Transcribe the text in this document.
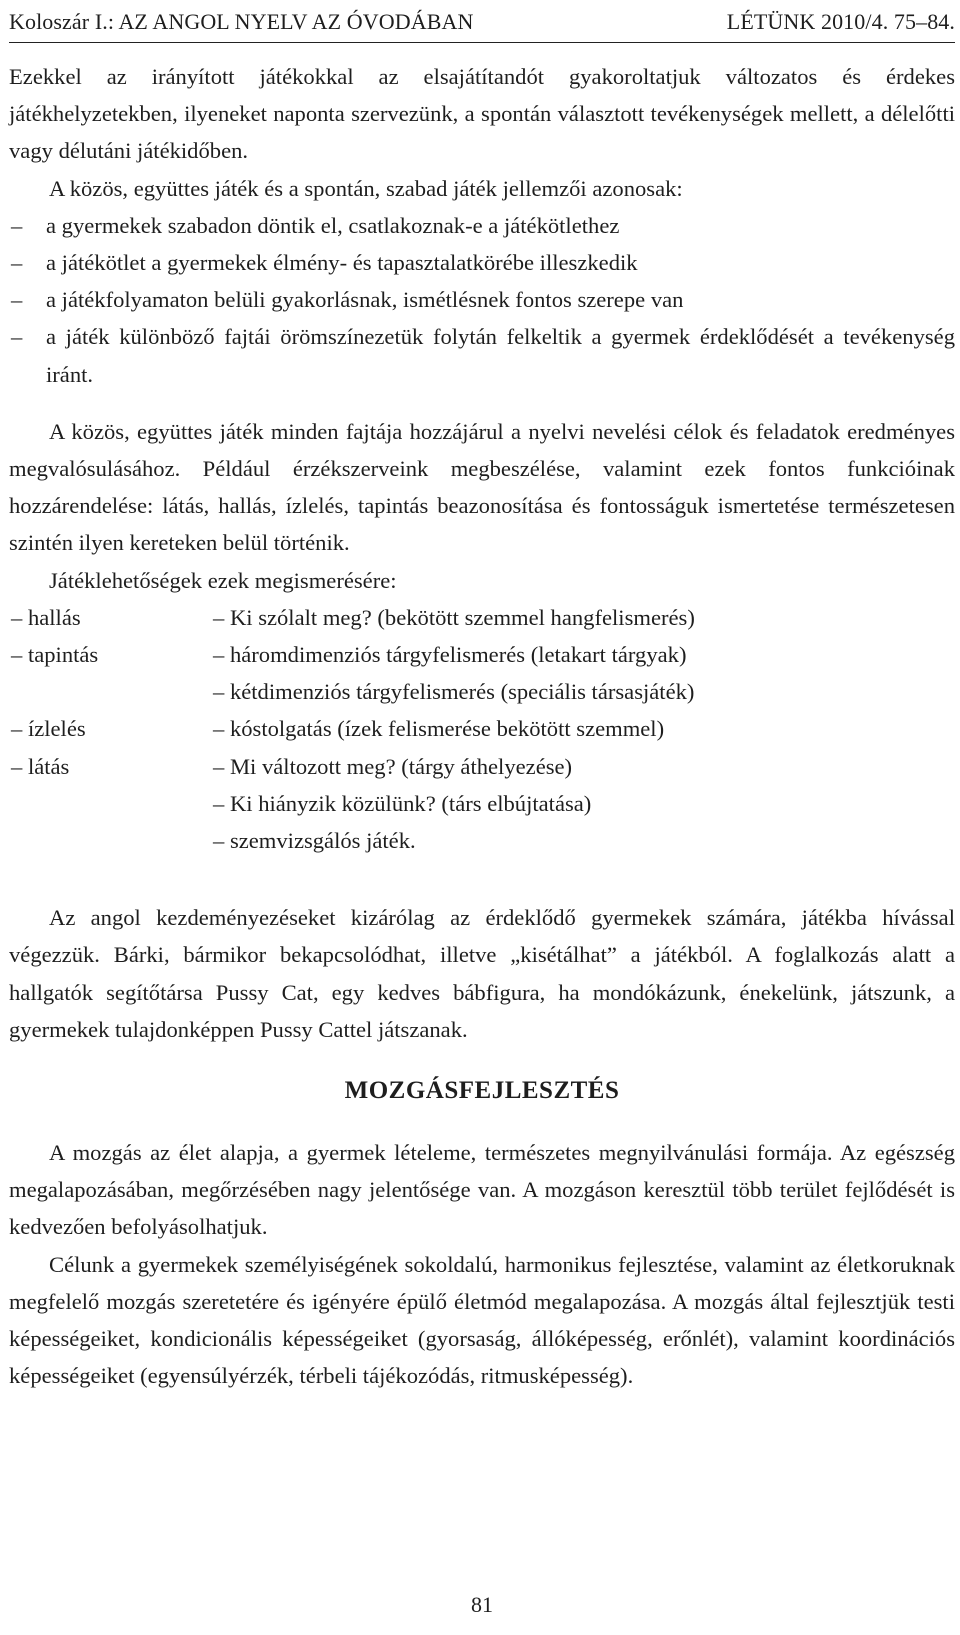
Koloszár I.: AZ ANGOL NYELV AZ ÓVODÁBAN	LÉTÜNK 2010/4. 75–84.

Ezekkel az irányított játékokkal az elsajátítandót gyakoroltatjuk változatos és érdekes játékhelyzetekben, ilyeneket naponta szervezünk, a spontán választott tevékenységek mellett, a délelőtti vagy délutáni játékidőben.

A közös, együttes játék és a spontán, szabad játék jellemzői azonosak:

– a gyermekek szabadon döntik el, csatlakoznak-e a játékötlethez

– a játékötlet a gyermekek élmény- és tapasztalatkörébe illeszkedik

– a játékfolyamaton belüli gyakorlásnak, ismétlésnek fontos szerepe van

– a játék különböző fajtái örömszínezetük folytán felkeltik a gyermek érdeklődését a tevékenység iránt.

A közös, együttes játék minden fajtája hozzájárul a nyelvi nevelési célok és feladatok eredményes megvalósulásához. Például érzékszerveink megbeszélése, valamint ezek fontos funkcióinak hozzárendelése: látás, hallás, ízlelés, tapintás beazonosítása és fontosságuk ismertetése természetesen szintén ilyen kereteken belül történik.

Játéklehetőségek ezek megismerésére:

– hallás	– Ki szólalt meg? (bekötött szemmel hangfelismerés)
– tapintás	– háromdimenziós tárgyfelismerés (letakart tárgyak)
– kétdimenziós tárgyfelismerés (speciális társasjáték)
– ízlelés	– kóstolgatás (ízek felismerése bekötött szemmel)
– látás	– Mi változott meg? (tárgy áthelyezése)
– Ki hiányzik közülünk? (társ elbújtatása)
– szemvizsgálós játék.

Az angol kezdeményezéseket kizárólag az érdeklődő gyermekek számára, játékba hívással végezzük. Bárki, bármikor bekapcsolódhat, illetve „kisétálhat” a játékból. A foglalkozás alatt a hallgatók segítőtársa Pussy Cat, egy kedves bábfigura, ha mondókázunk, énekelünk, játszunk, a gyermekek tulajdonképpen Pussy Cattel játszanak.

MOZGÁSFEJLESZTÉS

A mozgás az élet alapja, a gyermek lételeme, természetes megnyilvánulási formája. Az egészség megalapozásában, megőrzésében nagy jelentősége van. A mozgáson keresztül több terület fejlődését is kedvezően befolyásolhatjuk.

Célunk a gyermekek személyiségének sokoldalú, harmonikus fejlesztése, valamint az életkoruknak megfelelő mozgás szeretetére és igényére épülő életmód megalapozása. A mozgás által fejlesztjük testi képességeiket, kondicionális képességeiket (gyorsaság, állóképesség, erőnlét), valamint koordinációs képességeiket (egyensúlyérzék, térbeli tájékozódás, ritmusképesség).

81
